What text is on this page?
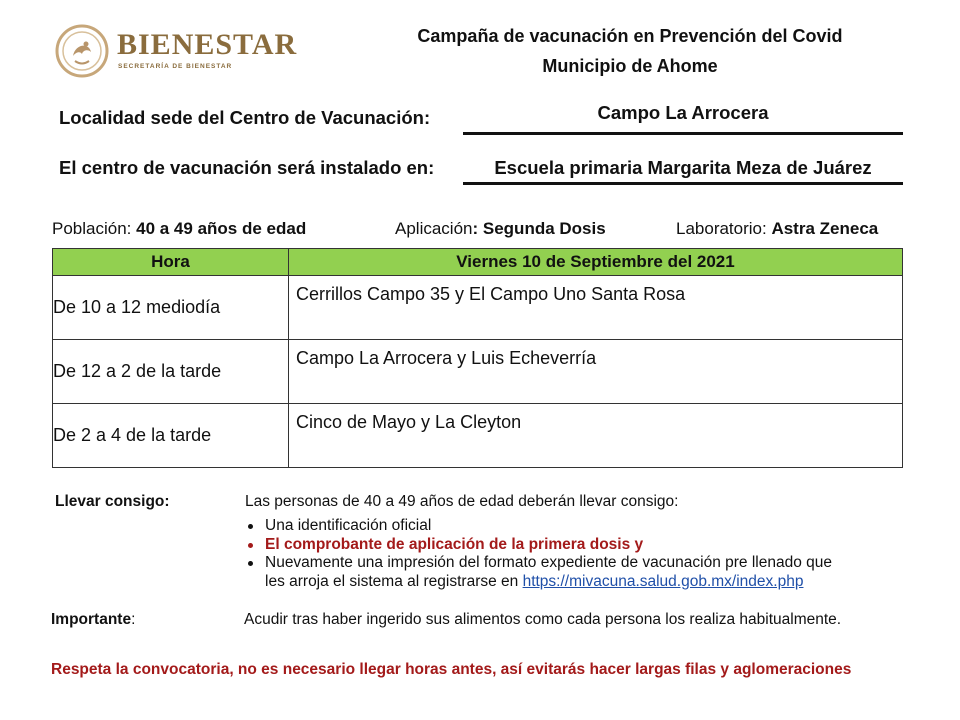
BIENESTAR
SECRETARÍA DE BIENESTAR
Campaña de vacunación en Prevención del Covid
Municipio de Ahome
Localidad sede del Centro de Vacunación:	Campo La Arrocera
El centro de vacunación será instalado en:	Escuela primaria Margarita Meza de Juárez
Población: 40 a 49 años de edad	Aplicación: Segunda Dosis	Laboratorio: Astra Zeneca
Hora	Viernes 10 de Septiembre del 2021

De 10 a 12 mediodía	Cerrillos Campo 35 y El Campo Uno Santa Rosa

De 12 a 2 de la tarde	Campo La Arrocera y Luis Echeverría

De 2 a 4 de la tarde	Cinco de Mayo y La Cleyton
Llevar consigo:	Las personas de 40 a 49 años de edad deberán llevar consigo:
Una identificación oficial
El comprobante de aplicación de la primera dosis y
Nuevamente una impresión del formato expediente de vacunación pre llenado que
les arroja el sistema al registrarse en https://mivacuna.salud.gob.mx/index.php
Importante:	Acudir tras haber ingerido sus alimentos como cada persona los realiza habitualmente.
Respeta la convocatoria, no es necesario llegar horas antes, así evitarás hacer largas filas y aglomeraciones
